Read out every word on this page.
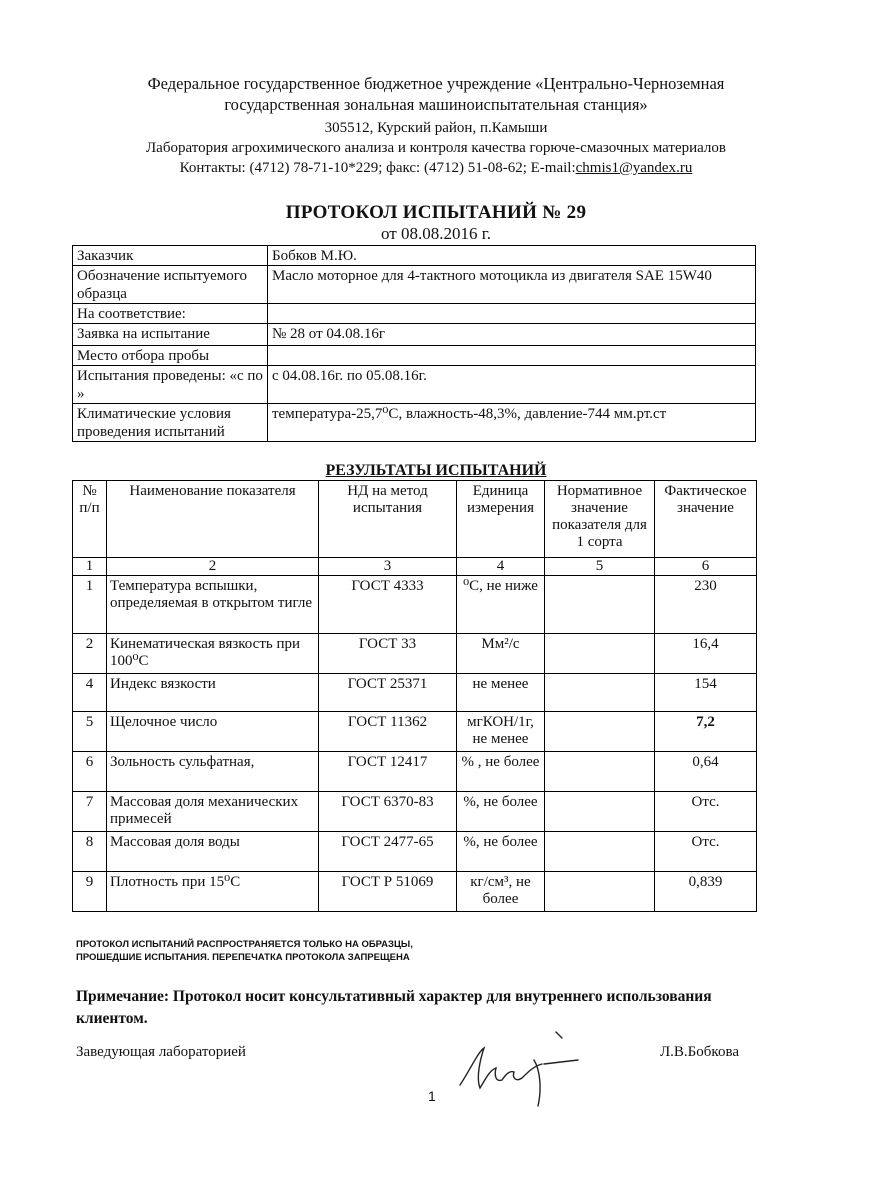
Федеральное государственное бюджетное учреждение «Центрально-Черноземная
государственная зональная машиноиспытательная станция»
305512, Курский район, п.Камыши
Лаборатория агрохимического анализа и контроля качества горюче-смазочных материалов
Контакты: (4712) 78-71-10*229; факс: (4712) 51-08-62; E-mail:chmis1@yandex.ru
ПРОТОКОЛ ИСПЫТАНИЙ № 29
от 08.08.2016 г.
Заказчик	Бобков М.Ю.
Обозначение испытуемого образца	Масло моторное для 4-тактного мотоцикла из двигателя SAE 15W40
На соответствие:	
Заявка на испытание	№ 28 от 04.08.16г
Место отбора пробы	
Испытания проведены: «с по »	с 04.08.16г. по 05.08.16г.
Климатические условия проведения испытаний	температура-25,7⁰С, влажность-48,3%, давление-744 мм.рт.ст
РЕЗУЛЬТАТЫ ИСПЫТАНИЙ
№ п/п	Наименование показателя	НД на метод испытания	Единица измерения	Нормативное значение показателя для 1 сорта	Фактическое значение
1	2	3	4	5	6
1	Температура вспышки, определяемая в открытом тигле	ГОСТ 4333	⁰С, не ниже		230
2	Кинематическая вязкость при 100⁰С	ГОСТ 33	Мм²/с		16,4
4	Индекс вязкости	ГОСТ 25371	не менее		154
5	Щелочное число	ГОСТ 11362	мгКОН/1г, не менее		7,2
6	Зольность сульфатная,	ГОСТ 12417	% , не более		0,64
7	Массовая доля механических примесей	ГОСТ 6370-83	%, не более		Отс.
8	Массовая доля воды	ГОСТ 2477-65	%, не более		Отс.
9	Плотность при 15⁰С	ГОСТ Р 51069	кг/см³, не более		0,839
ПРОТОКОЛ ИСПЫТАНИЙ РАСПРОСТРАНЯЕТСЯ ТОЛЬКО НА ОБРАЗЦЫ,
ПРОШЕДШИЕ ИСПЫТАНИЯ. ПЕРЕПЕЧАТКА ПРОТОКОЛА ЗАПРЕЩЕНА
Примечание: Протокол носит консультативный характер для внутреннего использования клиентом.
Заведующая лабораторией	Л.В.Бобкова
1
